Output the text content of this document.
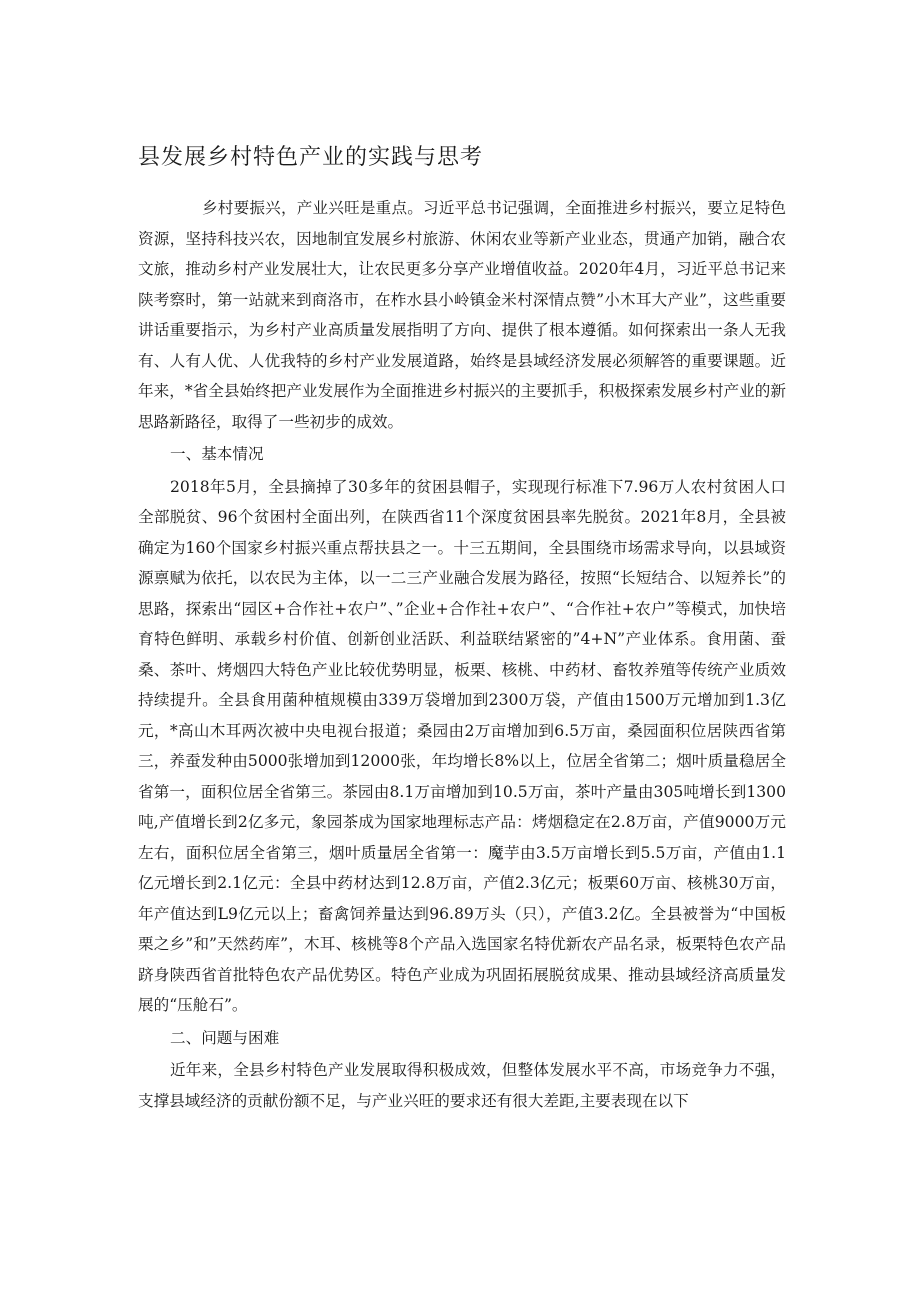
县发展乡村特色产业的实践与思考

乡村要振兴，产业兴旺是重点。习近平总书记强调，全面推进乡村振兴，要立足特色资源，坚持科技兴农，因地制宜发展乡村旅游、休闲农业等新产业业态，贯通产加销，融合农文旅，推动乡村产业发展壮大，让农民更多分享产业增值收益。2020年4月，习近平总书记来陕考察时，第一站就来到商洛市，在柞水县小岭镇金米村深情点赞”小木耳大产业”，这些重要讲话重要指示，为乡村产业高质量发展指明了方向、提供了根本遵循。如何探索出一条人无我有、人有人优、人优我特的乡村产业发展道路，始终是县域经济发展必须解答的重要课题。近年来，*省全县始终把产业发展作为全面推进乡村振兴的主要抓手，积极探索发展乡村产业的新思路新路径，取得了一些初步的成效。

一、基本情况

2018年5月，全县摘掉了30多年的贫困县帽子，实现现行标准下7.96万人农村贫困人口全部脱贫、96个贫困村全面出列，在陕西省11个深度贫困县率先脱贫。2021年8月，全县被确定为160个国家乡村振兴重点帮扶县之一。十三五期间，全县围绕市场需求导向，以县域资源禀赋为依托，以农民为主体，以一二三产业融合发展为路径，按照“长短结合、以短养长”的思路，探索出“园区+合作社+农户”、”企业+合作社+农户”、“合作社+农户”等模式，加快培育特色鲜明、承载乡村价值、创新创业活跃、利益联结紧密的”4+N”产业体系。食用菌、蚕桑、茶叶、烤烟四大特色产业比较优势明显，板栗、核桃、中药材、畜牧养殖等传统产业质效持续提升。全县食用菌种植规模由339万袋增加到2300万袋，产值由1500万元增加到1.3亿元，*高山木耳两次被中央电视台报道；桑园由2万亩增加到6.5万亩，桑园面积位居陕西省第三，养蚕发种由5000张增加到12000张，年均增长8%以上，位居全省第二；烟叶质量稳居全省第一，面积位居全省第三。茶园由8.1万亩增加到10.5万亩，茶叶产量由305吨增长到1300吨,产值增长到2亿多元，象园茶成为国家地理标志产品：烤烟稳定在2.8万亩，产值9000万元左右，面积位居全省第三，烟叶质量居全省第一：魔芋由3.5万亩增长到5.5万亩，产值由1.1亿元增长到2.1亿元：全县中药材达到12.8万亩，产值2.3亿元；板栗60万亩、核桃30万亩，年产值达到L9亿元以上；畜禽饲养量达到96.89万头（只），产值3.2亿。全县被誉为“中国板栗之乡”和”天然药库”，木耳、核桃等8个产品入选国家名特优新农产品名录，板栗特色农产品跻身陕西省首批特色农产品优势区。特色产业成为巩固拓展脱贫成果、推动县域经济高质量发展的“压舱石”。

二、问题与困难

近年来，全县乡村特色产业发展取得积极成效，但整体发展水平不高，市场竞争力不强，支撑县域经济的贡献份额不足，与产业兴旺的要求还有很大差距,主要表现在以下
